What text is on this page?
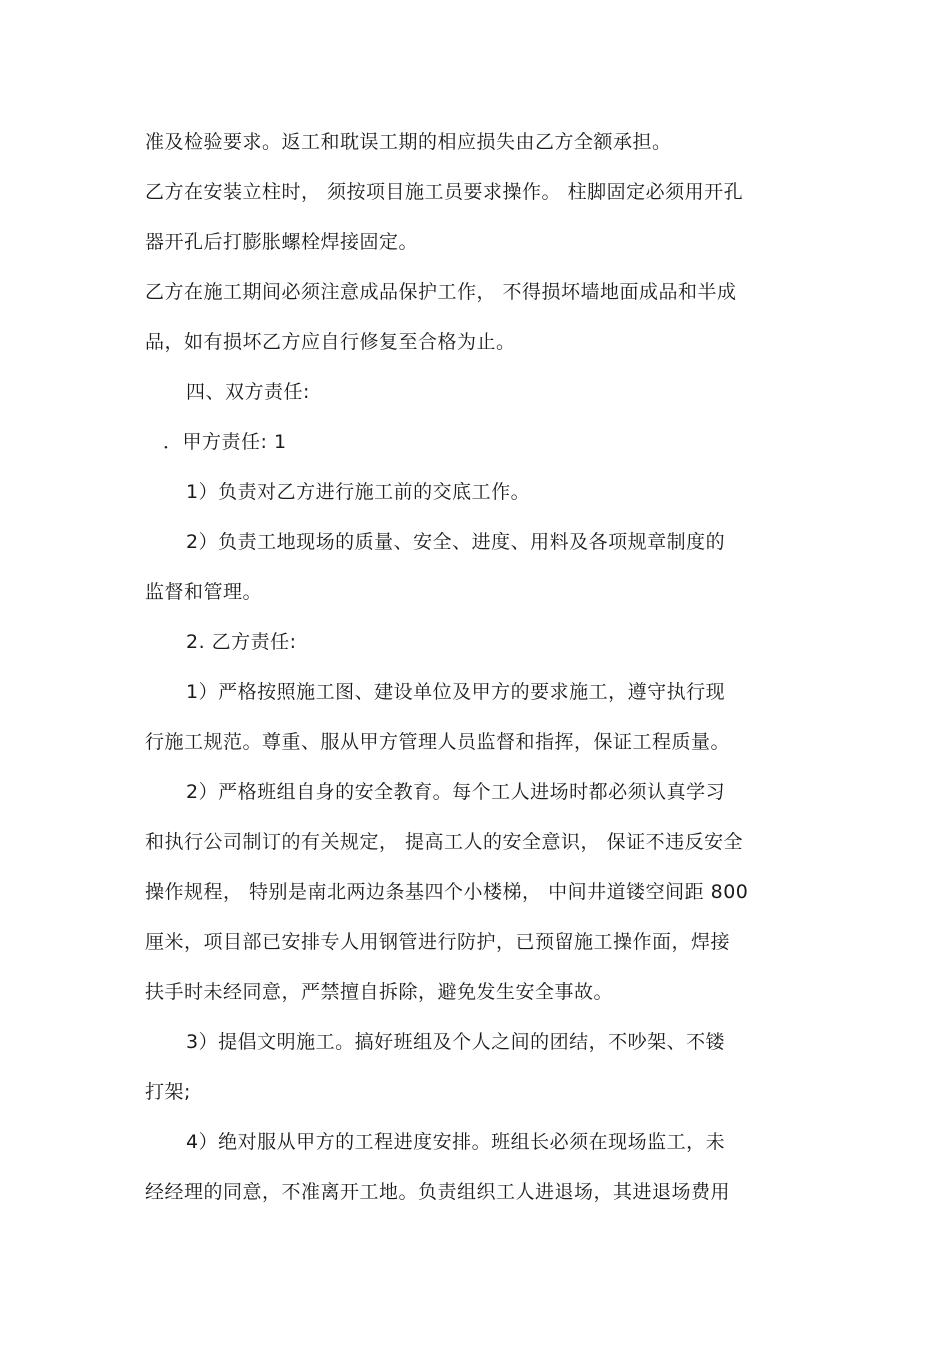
准及检验要求。返工和耽误工期的相应损失由乙方全额承担。
乙方在安装立柱时， 须按项目施工员要求操作。 柱脚固定必须用开孔
器开孔后打膨胀螺栓焊接固定。
乙方在施工期间必须注意成品保护工作， 不得损坏墙地面成品和半成
品，如有损坏乙方应自行修复至合格为止。
四、双方责任:
．甲方责任: 1
1）负责对乙方进行施工前的交底工作。
2）负责工地现场的质量、安全、进度、用料及各项规章制度的
监督和管理。
2. 乙方责任:
1）严格按照施工图、建设单位及甲方的要求施工，遵守执行现
行施工规范。尊重、服从甲方管理人员监督和指挥，保证工程质量。
2）严格班组自身的安全教育。每个工人进场时都必须认真学习
和执行公司制订的有关规定， 提高工人的安全意识， 保证不违反安全
操作规程， 特别是南北两边条基四个小楼梯， 中间井道镂空间距 800
厘米，项目部已安排专人用钢管进行防护，已预留施工操作面，焊接
扶手时未经同意，严禁擅自拆除，避免发生安全事故。
3）提倡文明施工。搞好班组及个人之间的团结，不吵架、不镂
打架;
4）绝对服从甲方的工程进度安排。班组长必须在现场监工，未
经经理的同意，不准离开工地。负责组织工人进退场，其进退场费用
